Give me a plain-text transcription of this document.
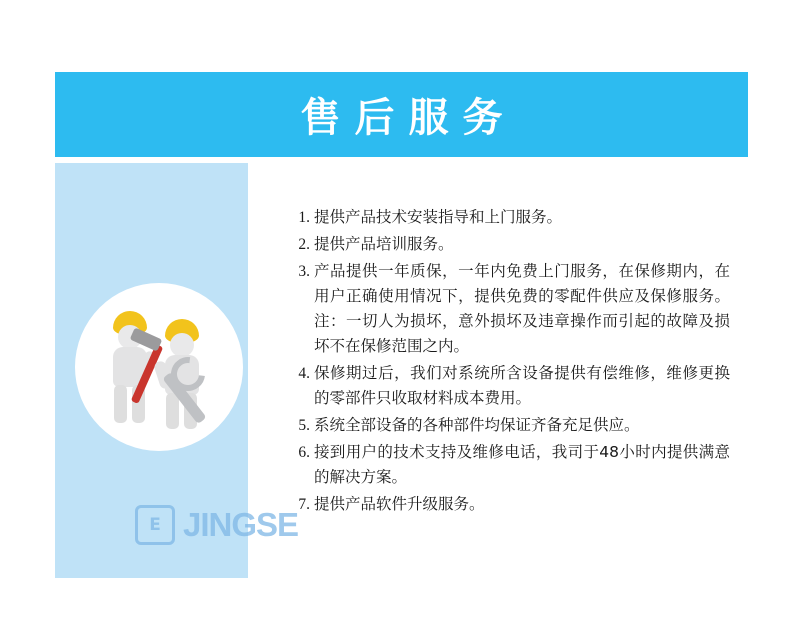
售后服务
提供产品技术安装指导和上门服务。
提供产品培训服务。
产品提供一年质保，一年内免费上门服务，在保修期内，在用户正确使用情况下，提供免费的零配件供应及保修服务。注：一切人为损坏，意外损坏及违章操作而引起的故障及损坏不在保修范围之内。
保修期过后，我们对系统所含设备提供有偿维修，维修更换的零部件只收取材料成本费用。
系统全部设备的各种部件均保证齐备充足供应。
接到用户的技术支持及维修电话，我司于48小时内提供满意的解决方案。
提供产品软件升级服务。
E JINGSE
